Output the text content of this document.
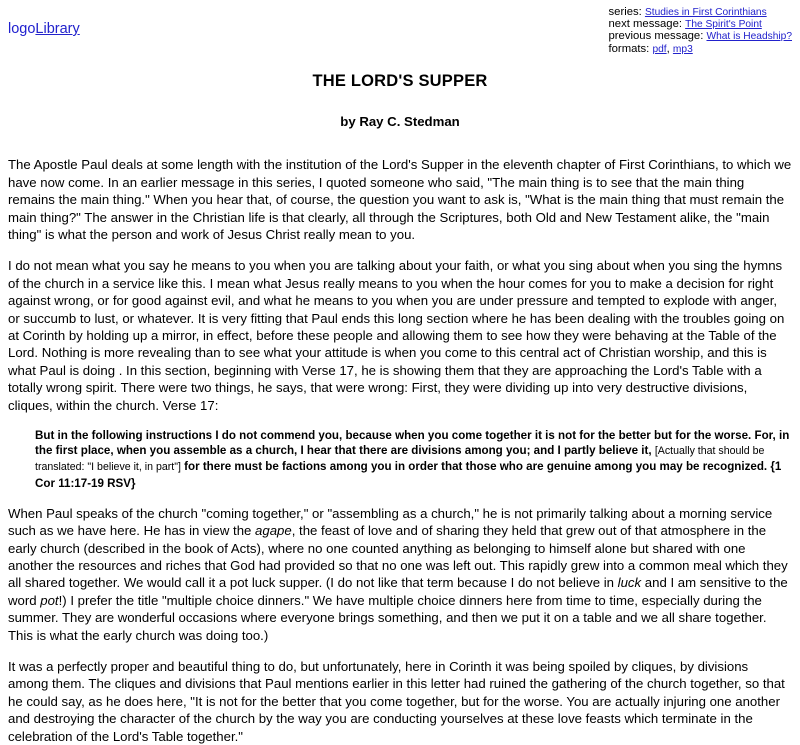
logoLibrary
series: Studies in First Corinthians
next message: The Spirit's Point
previous message: What is Headship?
formats: pdf, mp3
THE LORD'S SUPPER
by Ray C. Stedman

The Apostle Paul deals at some length with the institution of the Lord's Supper in the eleventh chapter of First Corinthians, to which we have now come. In an earlier message in this series, I quoted someone who said, "The main thing is to see that the main thing remains the main thing." When you hear that, of course, the question you want to ask is, "What is the main thing that must remain the main thing?" The answer in the Christian life is that clearly, all through the Scriptures, both Old and New Testament alike, the "main thing" is what the person and work of Jesus Christ really mean to you.

I do not mean what you say he means to you when you are talking about your faith, or what you sing about when you sing the hymns of the church in a service like this. I mean what Jesus really means to you when the hour comes for you to make a decision for right against wrong, or for good against evil, and what he means to you when you are under pressure and tempted to explode with anger, or succumb to lust, or whatever. It is very fitting that Paul ends this long section where he has been dealing with the troubles going on at Corinth by holding up a mirror, in effect, before these people and allowing them to see how they were behaving at the Table of the Lord. Nothing is more revealing than to see what your attitude is when you come to this central act of Christian worship, and this is what Paul is doing . In this section, beginning with Verse 17, he is showing them that they are approaching the Lord's Table with a totally wrong spirit. There were two things, he says, that were wrong: First, they were dividing up into very destructive divisions, cliques, within the church. Verse 17:

But in the following instructions I do not commend you, because when you come together it is not for the better but for the worse. For, in the first place, when you assemble as a church, I hear that there are divisions among you; and I partly believe it, [Actually that should be translated: "I believe it, in part"] for there must be factions among you in order that those who are genuine among you may be recognized. {1 Cor 11:17-19 RSV}

When Paul speaks of the church "coming together," or "assembling as a church," he is not primarily talking about a morning service such as we have here. He has in view the agape, the feast of love and of sharing they held that grew out of that atmosphere in the early church (described in the book of Acts), where no one counted anything as belonging to himself alone but shared with one another the resources and riches that God had provided so that no one was left out. This rapidly grew into a common meal which they all shared together. We would call it a pot luck supper. (I do not like that term because I do not believe in luck and I am sensitive to the word pot!) I prefer the title "multiple choice dinners." We have multiple choice dinners here from time to time, especially during the summer. They are wonderful occasions where everyone brings something, and then we put it on a table and we all share together. This is what the early church was doing too.)

It was a perfectly proper and beautiful thing to do, but unfortunately, here in Corinth it was being spoiled by cliques, by divisions among them. The cliques and divisions that Paul mentions earlier in this letter had ruined the gathering of the church together, so that he could say, as he does here, "It is not for the better that you come together, but for the worse. You are actually injuring one another and destroying the character of the church by the way you are conducting yourselves at these love feasts which terminate in the celebration of the Lord's Table together."
